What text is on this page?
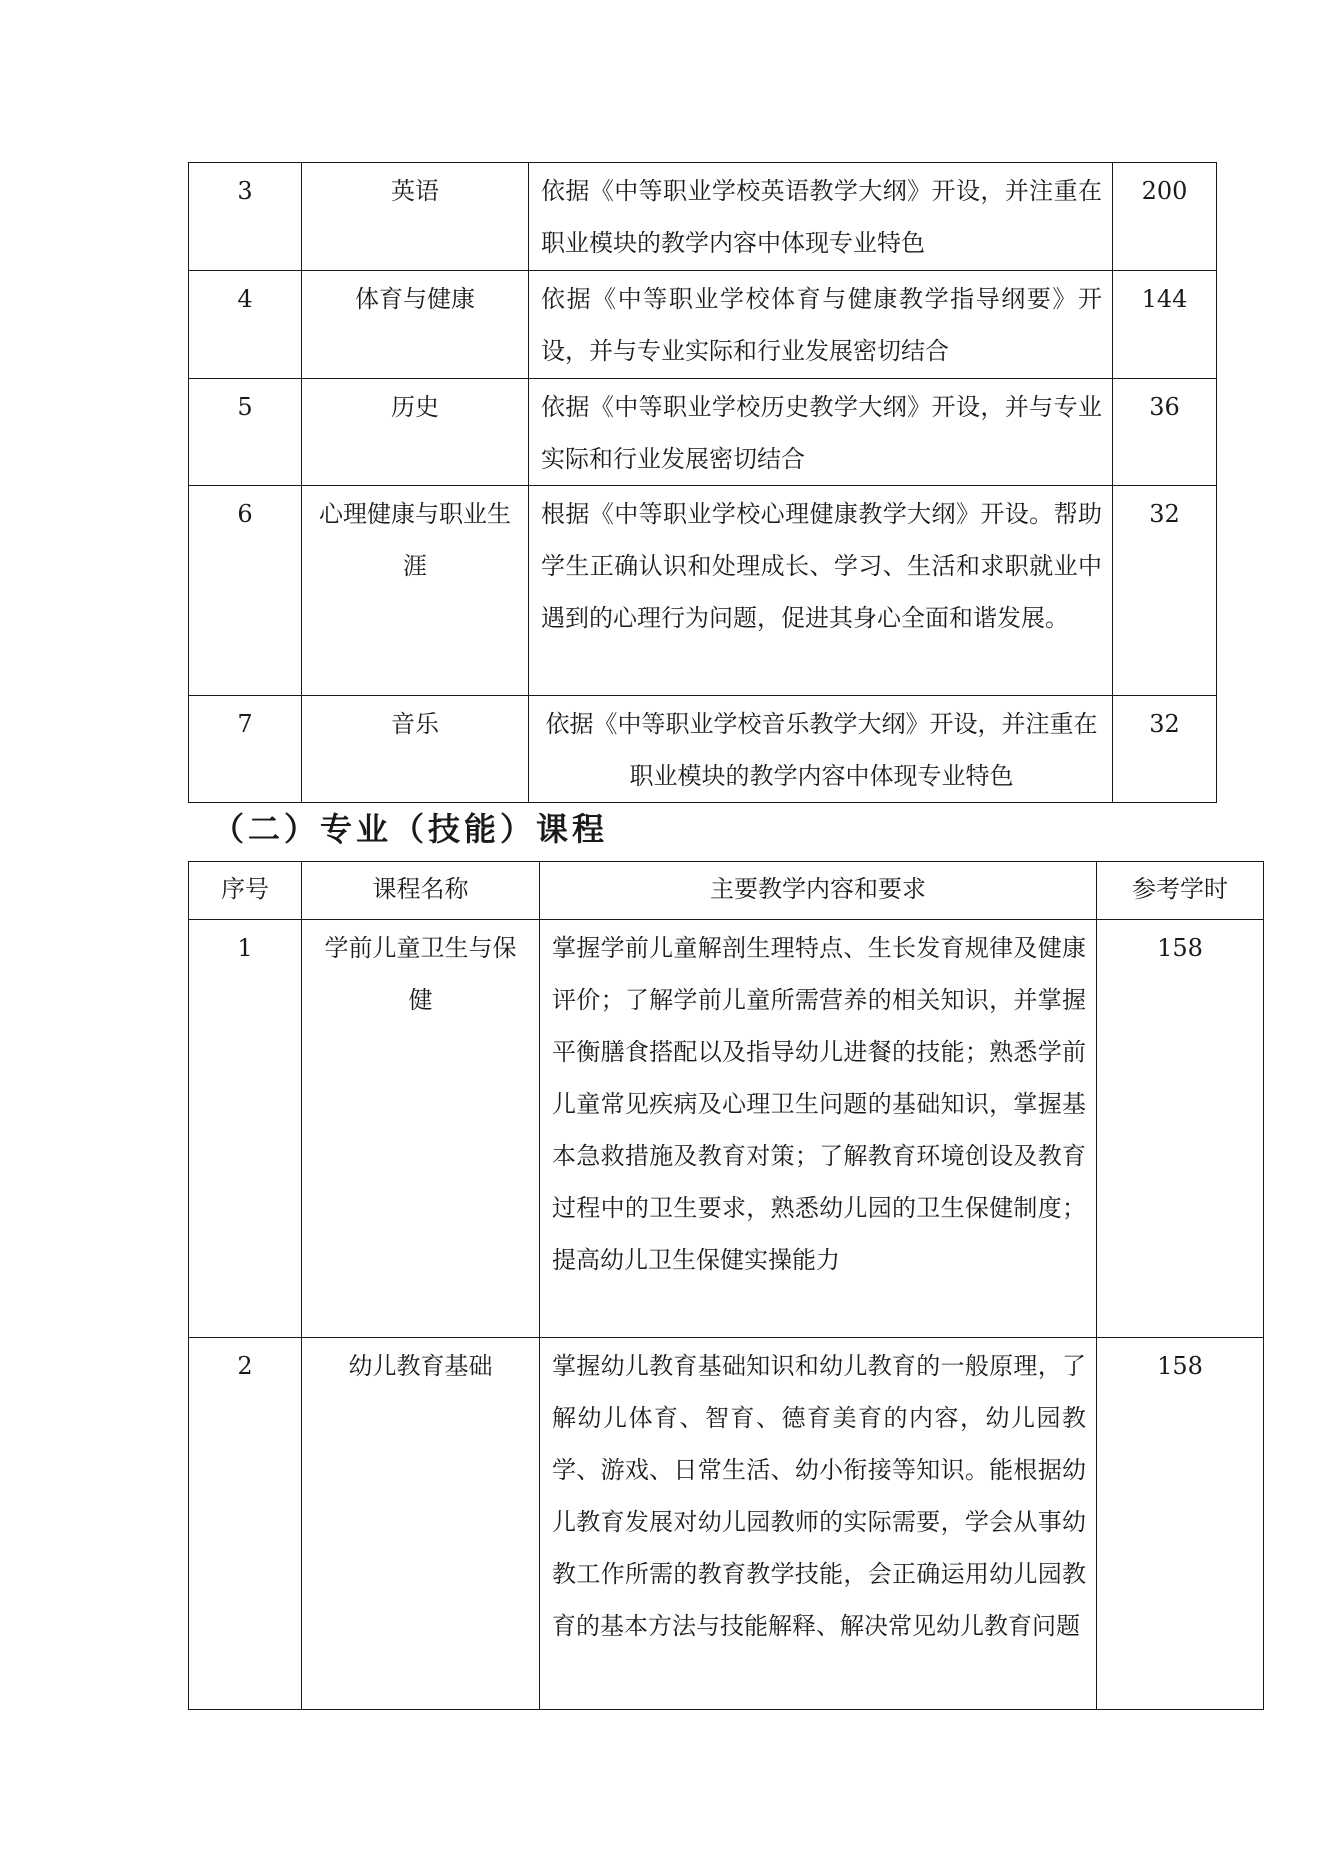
3	英语	依据《中等职业学校英语教学大纲》开设，并注重在职业模块的教学内容中体现专业特色	200
4	体育与健康	依据《中等职业学校体育与健康教学指导纲要》开设，并与专业实际和行业发展密切结合	144
5	历史	依据《中等职业学校历史教学大纲》开设，并与专业实际和行业发展密切结合	36
6	心理健康与职业生涯	根据《中等职业学校心理健康教学大纲》开设。帮助学生正确认识和处理成长、学习、生活和求职就业中遇到的心理行为问题，促进其身心全面和谐发展。	32
7	音乐	依据《中等职业学校音乐教学大纲》开设，并注重在职业模块的教学内容中体现专业特色	32
（二）专业（技能）课程
序号	课程名称	主要教学内容和要求	参考学时
1	学前儿童卫生与保健	掌握学前儿童解剖生理特点、生长发育规律及健康评价；了解学前儿童所需营养的相关知识，并掌握平衡膳食搭配以及指导幼儿进餐的技能；熟悉学前儿童常见疾病及心理卫生问题的基础知识，掌握基本急救措施及教育对策；了解教育环境创设及教育过程中的卫生要求，熟悉幼儿园的卫生保健制度；提高幼儿卫生保健实操能力	158
2	幼儿教育基础	掌握幼儿教育基础知识和幼儿教育的一般原理，了解幼儿体育、智育、德育美育的内容，幼儿园教学、游戏、日常生活、幼小衔接等知识。能根据幼儿教育发展对幼儿园教师的实际需要，学会从事幼教工作所需的教育教学技能，会正确运用幼儿园教育的基本方法与技能解释、解决常见幼儿教育问题	158
